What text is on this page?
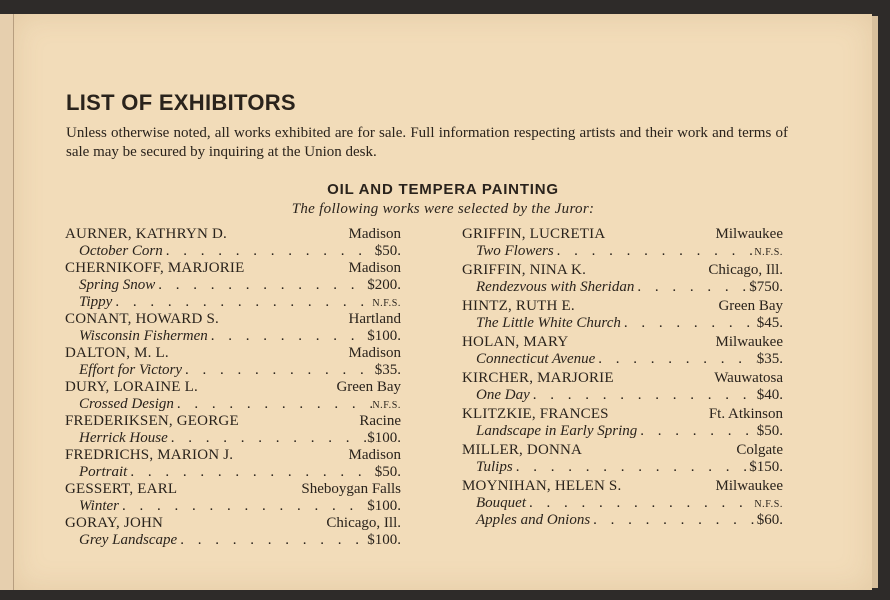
LIST OF EXHIBITORS

Unless otherwise noted, all works exhibited are for sale. Full information respecting artists and their work and terms of sale may be secured by inquiring at the Union desk.

OIL AND TEMPERA PAINTING

The following works were selected by the Juror:

AURNER, KATHRYN D.	Madison
October Corn . . .	$50.
CHERNIKOFF, MARJORIE	Madison
Spring Snow . . .	$200.
Tippy . . .	N.F.S.
CONANT, HOWARD S.	Hartland
Wisconsin Fishermen . . .	$100.
DALTON, M. L.	Madison
Effort for Victory . . .	$35.
DURY, LORAINE L.	Green Bay
Crossed Design . . .	N.F.S.
FREDERIKSEN, GEORGE	Racine
Herrick House . . .	$100.
FREDRICHS, MARION J.	Madison
Portrait . . .	$50.
GESSERT, EARL	Sheboygan Falls
Winter . . .	$100.
GORAY, JOHN	Chicago, Ill.
Grey Landscape . . .	$100.
GRIFFIN, LUCRETIA	Milwaukee
Two Flowers . . .	N.F.S.
GRIFFIN, NINA K.	Chicago, Ill.
Rendezvous with Sheridan . . .	$750.
HINTZ, RUTH E.	Green Bay
The Little White Church . . .	$45.
HOLAN, MARY	Milwaukee
Connecticut Avenue . . .	$35.
KIRCHER, MARJORIE	Wauwatosa
One Day . . .	$40.
KLITZKIE, FRANCES	Ft. Atkinson
Landscape in Early Spring . . .	$50.
MILLER, DONNA	Colgate
Tulips . . .	$150.
MOYNIHAN, HELEN S.	Milwaukee
Bouquet . . .	N.F.S.
Apples and Onions . . .	$60.
